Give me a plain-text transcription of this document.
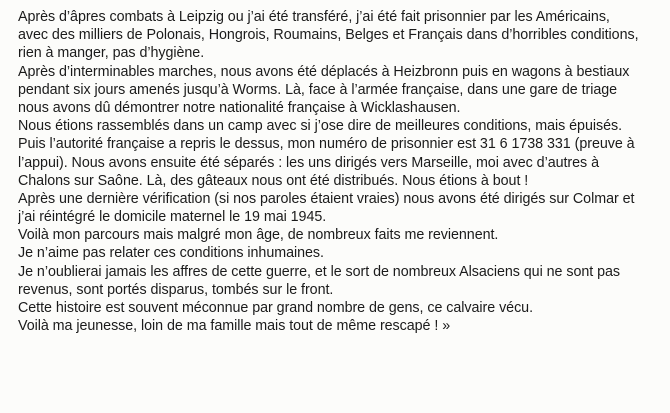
Après d’âpres combats à Leipzig ou j’ai été transféré, j’ai été fait prisonnier par les Américains,
avec des milliers de Polonais, Hongrois, Roumains, Belges et Français dans d’horribles conditions,
rien à manger, pas d’hygiène.
Après d’interminables marches, nous avons été déplacés à Heizbronn puis en wagons à bestiaux
pendant six jours amenés jusqu’à Worms. Là, face à l’armée française, dans une gare de triage
nous avons dû démontrer notre nationalité française à Wicklashausen.
Nous étions rassemblés dans un camp avec si j’ose dire de meilleures conditions, mais épuisés.
Puis l’autorité française a repris le dessus, mon numéro de prisonnier est 31 6 1738 331 (preuve à
l’appui). Nous avons ensuite été séparés : les uns dirigés vers Marseille, moi avec d’autres à
Chalons sur Saône. Là, des gâteaux nous ont été distribués. Nous étions à bout !
Après une dernière vérification (si nos paroles étaient vraies) nous avons été dirigés sur Colmar et
j’ai réintégré le domicile maternel le 19 mai 1945.
Voilà mon parcours mais malgré mon âge, de nombreux faits me reviennent.
Je n’aime pas relater ces conditions inhumaines.
Je n’oublierai jamais les affres de cette guerre, et le sort de nombreux Alsaciens qui ne sont pas
revenus, sont portés disparus, tombés sur le front.
Cette histoire est souvent méconnue par grand nombre de gens, ce calvaire vécu.
Voilà ma jeunesse, loin de ma famille mais tout de même rescapé ! »
